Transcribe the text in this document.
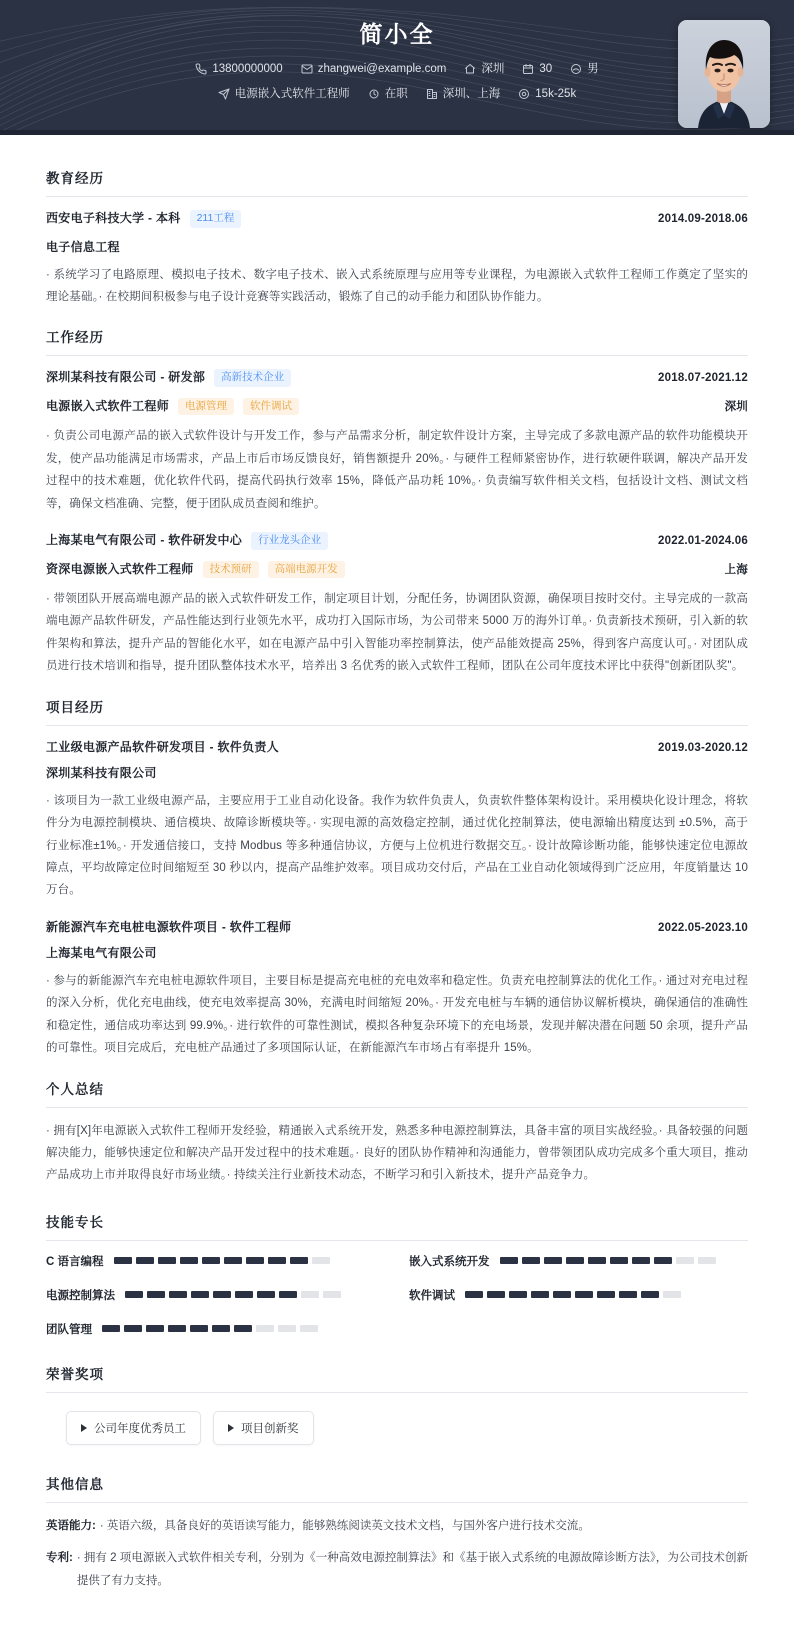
简小全
13800000000	zhangwei@example.com	深圳	30	男
电源嵌入式软件工程师	在职	深圳、上海	15k-25k
教育经历
西安电子科技大学 - 本科	211工程	2014.09-2018.06
电子信息工程
· 系统学习了电路原理、模拟电子技术、数字电子技术、嵌入式系统原理与应用等专业课程，为电源嵌入式软件工程师工作奠定了坚实的理论基础。· 在校期间积极参与电子设计竞赛等实践活动，锻炼了自己的动手能力和团队协作能力。
工作经历
深圳某科技有限公司 - 研发部	高新技术企业	2018.07-2021.12
电源嵌入式软件工程师	电源管理	软件调试	深圳
· 负责公司电源产品的嵌入式软件设计与开发工作，参与产品需求分析，制定软件设计方案，主导完成了多款电源产品的软件功能模块开发，使产品功能满足市场需求，产品上市后市场反馈良好，销售额提升 20%。· 与硬件工程师紧密协作，进行软硬件联调，解决产品开发过程中的技术难题，优化软件代码，提高代码执行效率 15%，降低产品功耗 10%。· 负责编写软件相关文档，包括设计文档、测试文档等，确保文档准确、完整，便于团队成员查阅和维护。
上海某电气有限公司 - 软件研发中心	行业龙头企业	2022.01-2024.06
资深电源嵌入式软件工程师	技术预研	高端电源开发	上海
· 带领团队开展高端电源产品的嵌入式软件研发工作，制定项目计划，分配任务，协调团队资源，确保项目按时交付。主导完成的一款高端电源产品软件研发，产品性能达到行业领先水平，成功打入国际市场，为公司带来 5000 万的海外订单。· 负责新技术预研，引入新的软件架构和算法，提升产品的智能化水平，如在电源产品中引入智能功率控制算法，使产品能效提高 25%，得到客户高度认可。· 对团队成员进行技术培训和指导，提升团队整体技术水平，培养出 3 名优秀的嵌入式软件工程师，团队在公司年度技术评比中获得"创新团队奖"。
项目经历
工业级电源产品软件研发项目 - 软件负责人	2019.03-2020.12
深圳某科技有限公司
· 该项目为一款工业级电源产品，主要应用于工业自动化设备。我作为软件负责人，负责软件整体架构设计。采用模块化设计理念，将软件分为电源控制模块、通信模块、故障诊断模块等。· 实现电源的高效稳定控制，通过优化控制算法，使电源输出精度达到 ±0.5%，高于行业标准±1%。· 开发通信接口，支持 Modbus 等多种通信协议，方便与上位机进行数据交互。· 设计故障诊断功能，能够快速定位电源故障点，平均故障定位时间缩短至 30 秒以内，提高产品维护效率。项目成功交付后，产品在工业自动化领域得到广泛应用，年度销量达 10 万台。
新能源汽车充电桩电源软件项目 - 软件工程师	2022.05-2023.10
上海某电气有限公司
· 参与的新能源汽车充电桩电源软件项目，主要目标是提高充电桩的充电效率和稳定性。负责充电控制算法的优化工作。· 通过对充电过程的深入分析，优化充电曲线，使充电效率提高 30%，充满电时间缩短 20%。· 开发充电桩与车辆的通信协议解析模块，确保通信的准确性和稳定性，通信成功率达到 99.9%。· 进行软件的可靠性测试，模拟各种复杂环境下的充电场景，发现并解决潜在问题 50 余项，提升产品的可靠性。项目完成后，充电桩产品通过了多项国际认证，在新能源汽车市场占有率提升 15%。
个人总结
· 拥有[X]年电源嵌入式软件工程师开发经验，精通嵌入式系统开发，熟悉多种电源控制算法，具备丰富的项目实战经验。· 具备较强的问题解决能力，能够快速定位和解决产品开发过程中的技术难题。· 良好的团队协作精神和沟通能力，曾带领团队成功完成多个重大项目，推动产品成功上市并取得良好市场业绩。· 持续关注行业新技术动态，不断学习和引入新技术，提升产品竞争力。
技能专长
C 语言编程	嵌入式系统开发
电源控制算法	软件调试
团队管理
荣誉奖项
公司年度优秀员工	项目创新奖
其他信息
英语能力: · 英语六级，具备良好的英语读写能力，能够熟练阅读英文技术文档，与国外客户进行技术交流。
专利: · 拥有 2 项电源嵌入式软件相关专利，分别为《一种高效电源控制算法》和《基于嵌入式系统的电源故障诊断方法》，为公司技术创新提供了有力支持。
